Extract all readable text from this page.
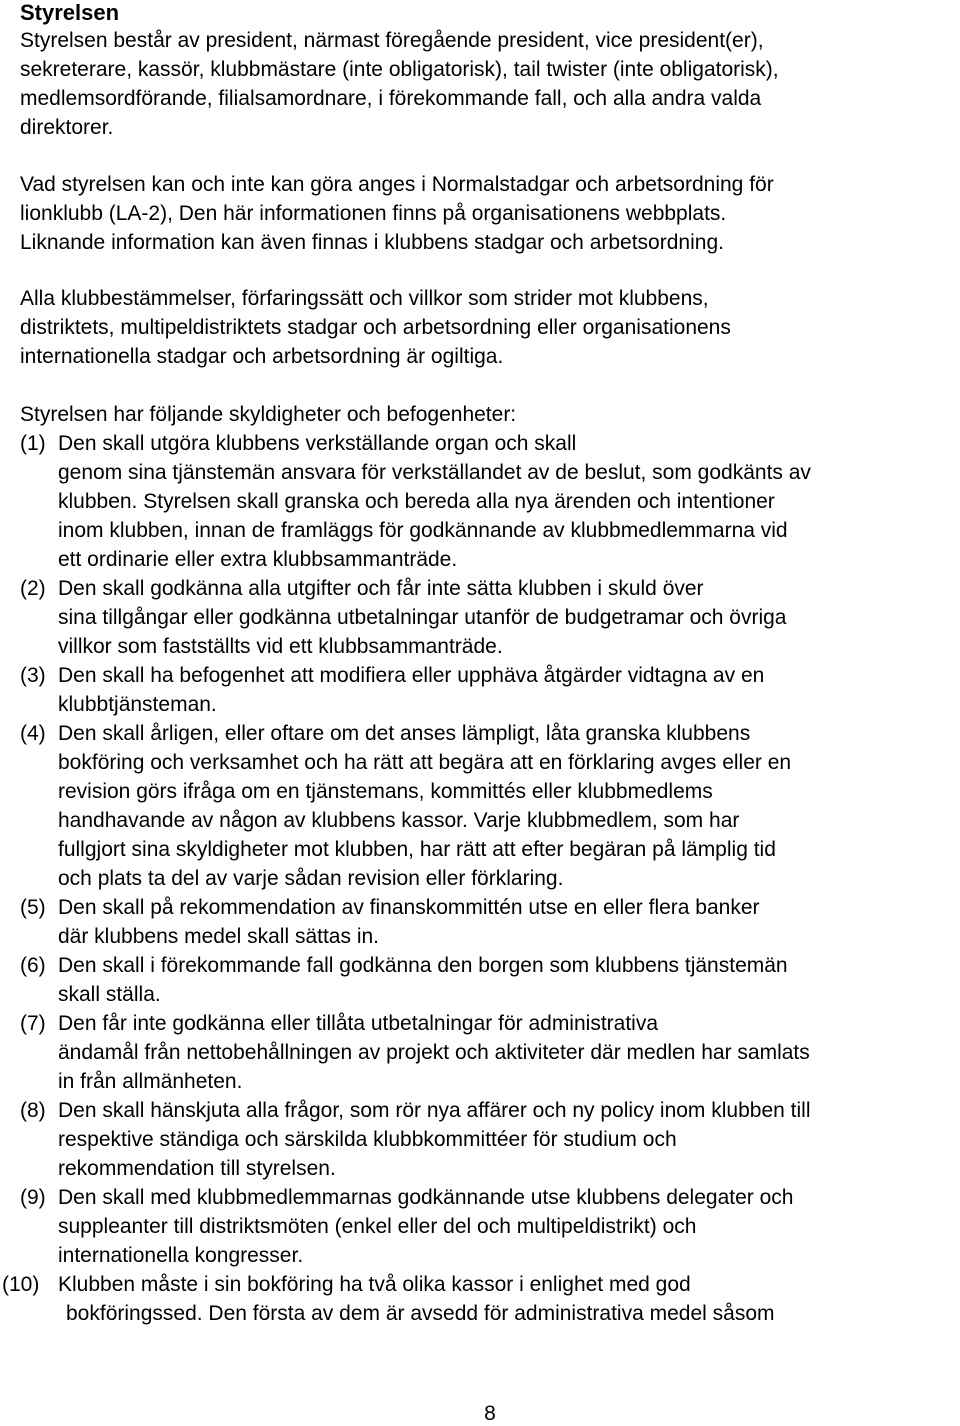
Styrelsen
Styrelsen består av president, närmast föregående president, vice president(er),
sekreterare, kassör, klubbmästare (inte obligatorisk), tail twister (inte obligatorisk),
medlemsordförande, filialsamordnare, i förekommande fall, och alla andra valda
direktorer.
Vad styrelsen kan och inte kan göra anges i Normalstadgar och arbetsordning för
lionklubb (LA-2), Den här informationen finns på organisationens webbplats.
Liknande information kan även finnas i klubbens stadgar och arbetsordning.
Alla klubbestämmelser, förfaringssätt och villkor som strider mot klubbens,
distriktets, multipeldistriktets stadgar och arbetsordning eller organisationens
internationella stadgar och arbetsordning är ogiltiga.
Styrelsen har följande skyldigheter och befogenheter:
(1) Den skall utgöra klubbens verkställande organ och skall
genom sina tjänstemän ansvara för verkställandet av de beslut, som godkänts av
klubben. Styrelsen skall granska och bereda alla nya ärenden och intentioner
inom klubben, innan de framläggs för godkännande av klubbmedlemmarna vid
ett ordinarie eller extra klubbsammanträde.
(2) Den skall godkänna alla utgifter och får inte sätta klubben i skuld över
sina tillgångar eller godkänna utbetalningar utanför de budgetramar och övriga
villkor som fastställts vid ett klubbsammanträde.
(3) Den skall ha befogenhet att modifiera eller upphäva åtgärder vidtagna av en
klubbtjänsteman.
(4) Den skall årligen, eller oftare om det anses lämpligt, låta granska klubbens
bokföring och verksamhet och ha rätt att begära att en förklaring avges eller en
revision görs ifråga om en tjänstemans, kommittés eller klubbmedlems
handhavande av någon av klubbens kassor. Varje klubbmedlem, som har
fullgjort sina skyldigheter mot klubben, har rätt att efter begäran på lämplig tid
och plats ta del av varje sådan revision eller förklaring.
(5) Den skall på rekommendation av finanskommittén utse en eller flera banker
där klubbens medel skall sättas in.
(6) Den skall i förekommande fall godkänna den borgen som klubbens tjänstemän
skall ställa.
(7) Den får inte godkänna eller tillåta utbetalningar för administrativa
ändamål från nettobehållningen av projekt och aktiviteter där medlen har samlats
in från allmänheten.
(8) Den skall hänskjuta alla frågor, som rör nya affärer och ny policy inom klubben till
respektive ständiga och särskilda klubbkommittéer för studium och
rekommendation till styrelsen.
(9) Den skall med klubbmedlemmarnas godkännande utse klubbens delegater och
suppleanter till distriktsmöten (enkel eller del och multipeldistrikt) och
internationella kongresser.
(10) Klubben måste i sin bokföring ha två olika kassor i enlighet med god
bokföringssed. Den första av dem är avsedd för administrativa medel såsom
8
